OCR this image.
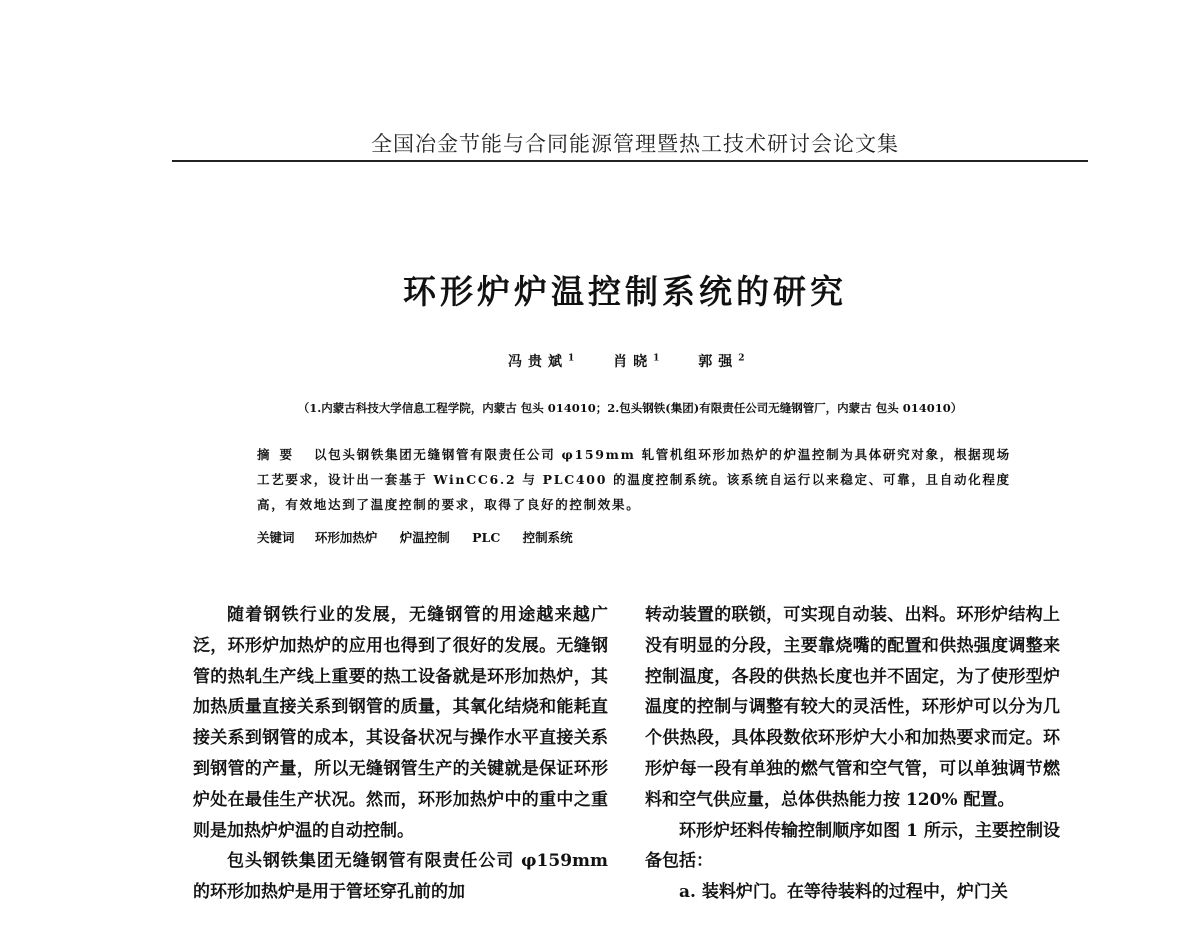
全国冶金节能与合同能源管理暨热工技术研讨会论文集
环形炉炉温控制系统的研究
冯贵斌$^1$	肖晓$^1$	郭强$^2$
（1.内蒙古科技大学信息工程学院，内蒙古 包头 014010；2.包头钢铁(集团)有限责任公司无缝钢管厂，内蒙古 包头 014010）

摘要 以包头钢铁集团无缝钢管有限责任公司 φ159mm 轧管机组环形加热炉的炉温控制为具体研究对象，根据现场工艺要求，设计出一套基于 WinCC6.2 与 PLC400 的温度控制系统。该系统自运行以来稳定、可靠，且自动化程度高，有效地达到了温度控制的要求，取得了良好的控制效果。

关键词 环形加热炉 炉温控制 PLC 控制系统

随着钢铁行业的发展，无缝钢管的用途越来越广泛，环形炉加热炉的应用也得到了很好的发展。无缝钢管的热轧生产线上重要的热工设备就是环形加热炉，其加热质量直接关系到钢管的质量，其氧化结烧和能耗直接关系到钢管的成本，其设备状况与操作水平直接关系到钢管的产量，所以无缝钢管生产的关键就是保证环形炉处在最佳生产状况。然而，环形加热炉中的重中之重则是加热炉炉温的自动控制。

包头钢铁集团无缝钢管有限责任公司 φ159mm 的环形加热炉是用于管坯穿孔前的加

转动装置的联锁，可实现自动装、出料。环形炉结构上没有明显的分段，主要靠烧嘴的配置和供热强度调整来控制温度，各段的供热长度也并不固定，为了使形型炉温度的控制与调整有较大的灵活性，环形炉可以分为几个供热段，具体段数依环形炉大小和加热要求而定。环形炉每一段有单独的燃气管和空气管，可以单独调节燃料和空气供应量，总体供热能力按 120% 配置。

环形炉坯料传输控制顺序如图 1 所示，主要控制设备包括：

a. 装料炉门。在等待装料的过程中，炉门关
